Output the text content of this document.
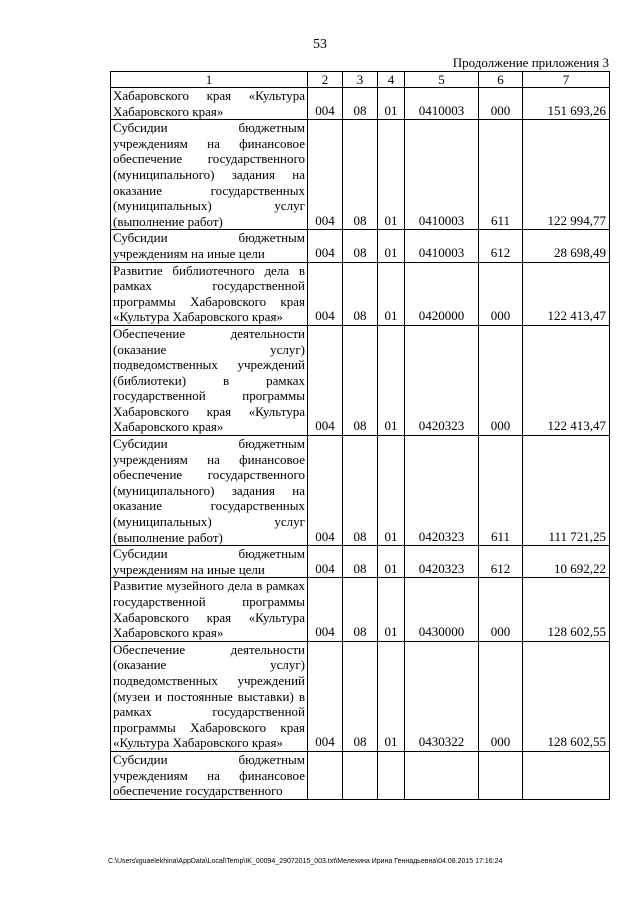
53
Продолжение приложения 3
1	2	3	4	5	6	7
Хабаровского края «Культура Хабаровского края»	004	08	01	0410003	000	151 693,26
Субсидии бюджетным учреждениям на финансовое обеспечение государственного (муниципального) задания на оказание государственных (муниципальных) услуг (выполнение работ)	004	08	01	0410003	611	122 994,77
Субсидии бюджетным учреждениям на иные цели	004	08	01	0410003	612	28 698,49
Развитие библиотечного дела в рамках государственной программы Хабаровского края «Культура Хабаровского края»	004	08	01	0420000	000	122 413,47
Обеспечение деятельности (оказание услуг) подведомственных учреждений (библиотеки) в рамках государственной программы Хабаровского края «Культура Хабаровского края»	004	08	01	0420323	000	122 413,47
Субсидии бюджетным учреждениям на финансовое обеспечение государственного (муниципального) задания на оказание государственных (муниципальных) услуг (выполнение работ)	004	08	01	0420323	611	111 721,25
Субсидии бюджетным учреждениям на иные цели	004	08	01	0420323	612	10 692,22
Развитие музейного дела в рамках государственной программы Хабаровского края «Культура Хабаровского края»	004	08	01	0430000	000	128 602,55
Обеспечение деятельности (оказание услуг) подведомственных учреждений (музеи и постоянные выставки) в рамках государственной программы Хабаровского края «Культура Хабаровского края»	004	08	01	0430322	000	128 602,55
Субсидии бюджетным учреждениям на финансовое обеспечение государственного						
C:\Users\iguaelekhina\AppData\Local\Temp\IK_00094_29072015_003.txt\Мелехина Ирина Геннадьевна\04.08.2015 17:16:24
